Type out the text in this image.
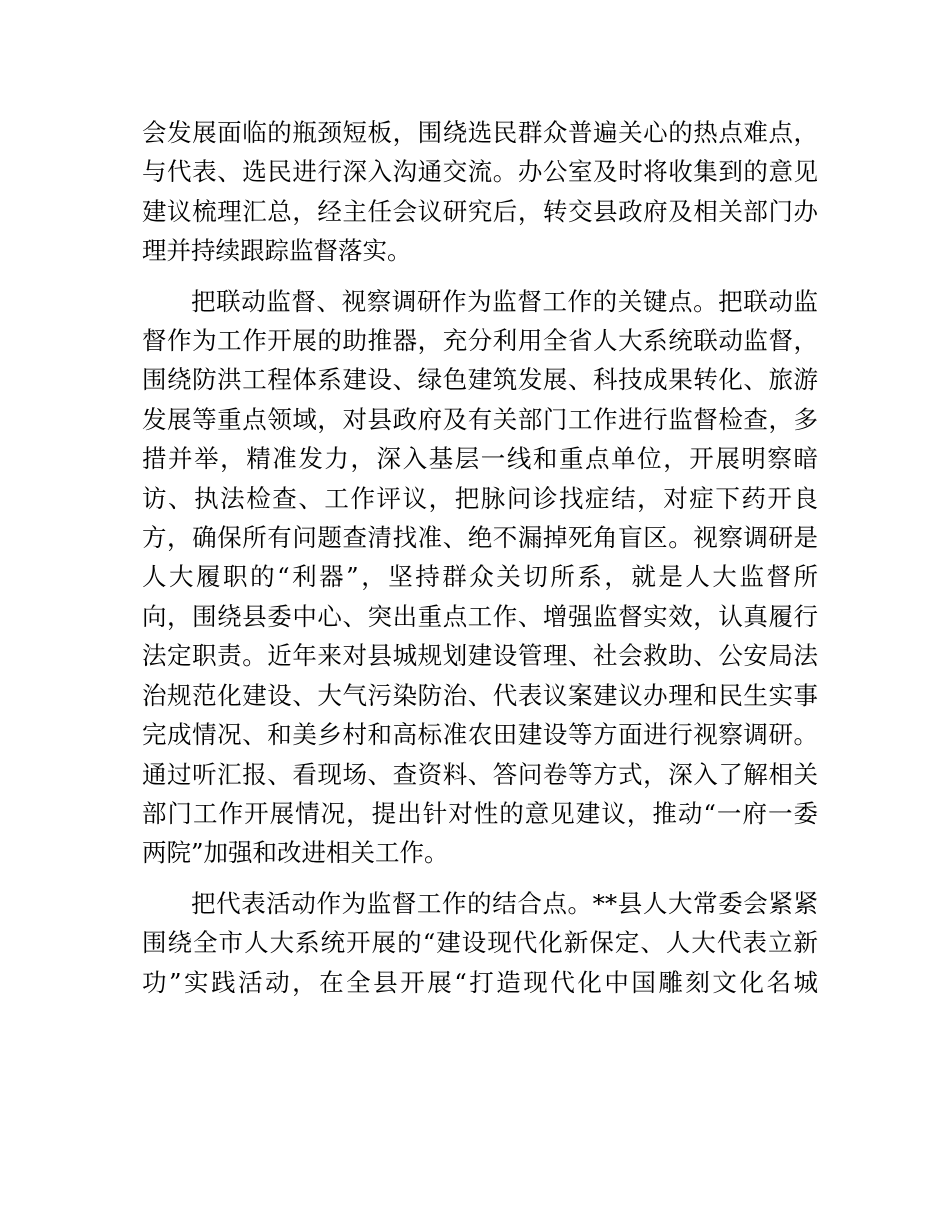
会发展面临的瓶颈短板，围绕选民群众普遍关心的热点难点，
与代表、选民进行深入沟通交流。办公室及时将收集到的意见
建议梳理汇总，经主任会议研究后，转交县政府及相关部门办
理并持续跟踪监督落实。

把联动监督、视察调研作为监督工作的关键点。把联动监
督作为工作开展的助推器，充分利用全省人大系统联动监督，
围绕防洪工程体系建设、绿色建筑发展、科技成果转化、旅游
发展等重点领域，对县政府及有关部门工作进行监督检查，多
措并举，精准发力，深入基层一线和重点单位，开展明察暗
访、执法检查、工作评议，把脉问诊找症结，对症下药开良
方，确保所有问题查清找准、绝不漏掉死角盲区。视察调研是
人大履职的“利器”，坚持群众关切所系，就是人大监督所
向，围绕县委中心、突出重点工作、增强监督实效，认真履行
法定职责。近年来对县城规划建设管理、社会救助、公安局法
治规范化建设、大气污染防治、代表议案建议办理和民生实事
完成情况、和美乡村和高标准农田建设等方面进行视察调研。
通过听汇报、看现场、查资料、答问卷等方式，深入了解相关
部门工作开展情况，提出针对性的意见建议，推动“一府一委
两院”加强和改进相关工作。

把代表活动作为监督工作的结合点。**县人大常委会紧紧
围绕全市人大系统开展的“建设现代化新保定、人大代表立新
功”实践活动，在全县开展“打造现代化中国雕刻文化名城
